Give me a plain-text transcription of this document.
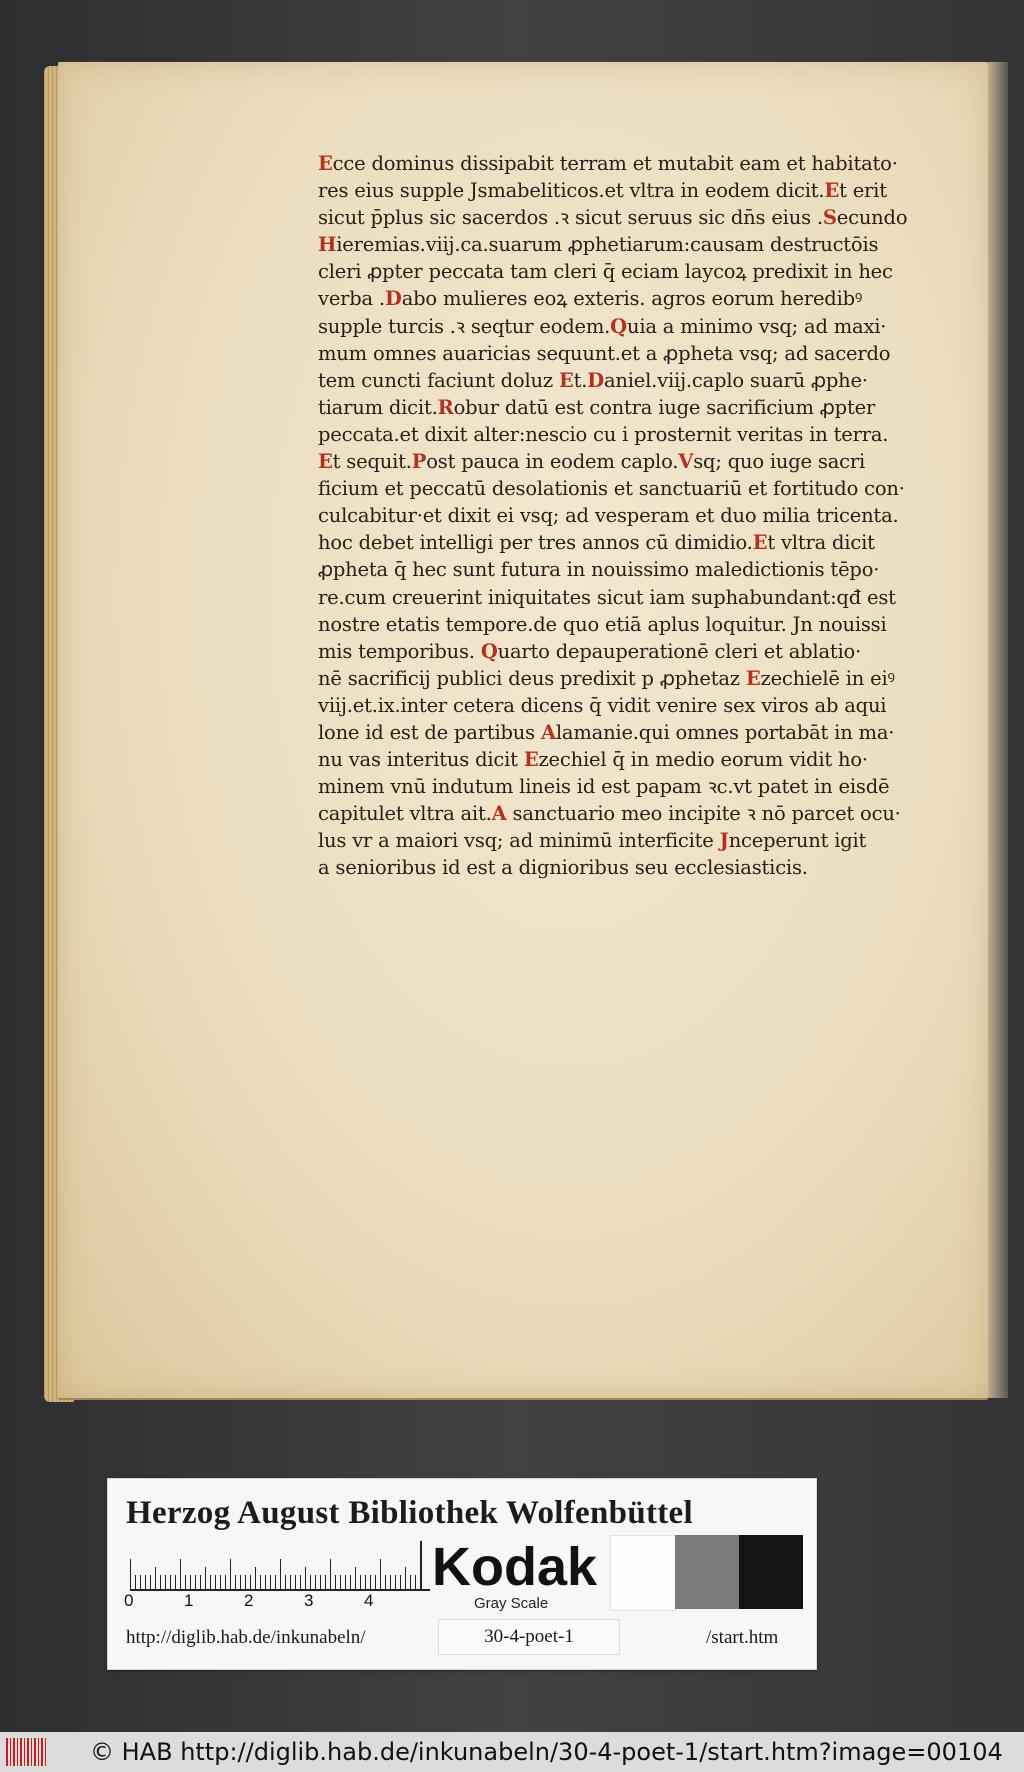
Ecce dominus dissipabit terram et mutabit eam et habitato·
res eius supple Jsmabeliticos.et vltra in eodem dicit.Et erit
sicut p̄plus sic sacerdos .ꝛ sicut seruus sic dn̄s eius .Secundo
Hieremias.viij.ca.suarum ꝓphetiarum:causam destructōis
cleri ꝓpter peccata tam cleri q̄ eciam laycoꝝ predixit in hec
verba .Dabo mulieres eoꝝ exteris. agros eorum heredibꝰ
supple turcis .ꝛ seqtur eodem.Quia a minimo vsq; ad maxi·
mum omnes auaricias sequunt.et a ꝓpheta vsq; ad sacerdo
tem cuncti faciunt doluz Et.Daniel.viij.caplo suarū ꝓphe·
tiarum dicit.Robur datū est contra iuge sacrificium ꝓpter
peccata.et dixit alter:nescio cu i prosternit veritas in terra.
Et sequit.Post pauca in eodem caplo.Vsq; quo iuge sacri
ficium et peccatū desolationis et sanctuariū et fortitudo con·
culcabitur·et dixit ei vsq; ad vesperam et duo milia tricenta.
hoc debet intelligi per tres annos cū dimidio.Et vltra dicit
ꝓpheta q̄ hec sunt futura in nouissimo maledictionis tēpo·
re.cum creuerint iniquitates sicut iam suphabundant:qđ est
nostre etatis tempore.de quo etiā aplus loquitur. Jn nouissi
mis temporibus. Quarto depauperationē cleri et ablatio·
nē sacrificij publici deus predixit p ꝓphetaz Ezechielē in eiꝰ
viij.et.ix.inter cetera dicens q̄ vidit venire sex viros ab aqui
lone id est de partibus Alamanie.qui omnes portabāt in ma·
nu vas interitus dicit Ezechiel q̄ in medio eorum vidit ho·
minem vnū indutum lineis id est papam ꝛc.vt patet in eisdē
capitulet vltra ait.A sanctuario meo incipite ꝛ nō parcet ocu·
lus vr a maiori vsq; ad minimū interficite Jnceperunt igit
a senioribus id est a dignioribus seu ecclesiasticis.
Herzog August Bibliothek Wolfenbüttel
0	1	2	3	4
Kodak
Gray Scale
http://diglib.hab.de/inkunabeln/	30-4-poet-1	/start.htm
© HAB http://diglib.hab.de/inkunabeln/30-4-poet-1/start.htm?image=00104
